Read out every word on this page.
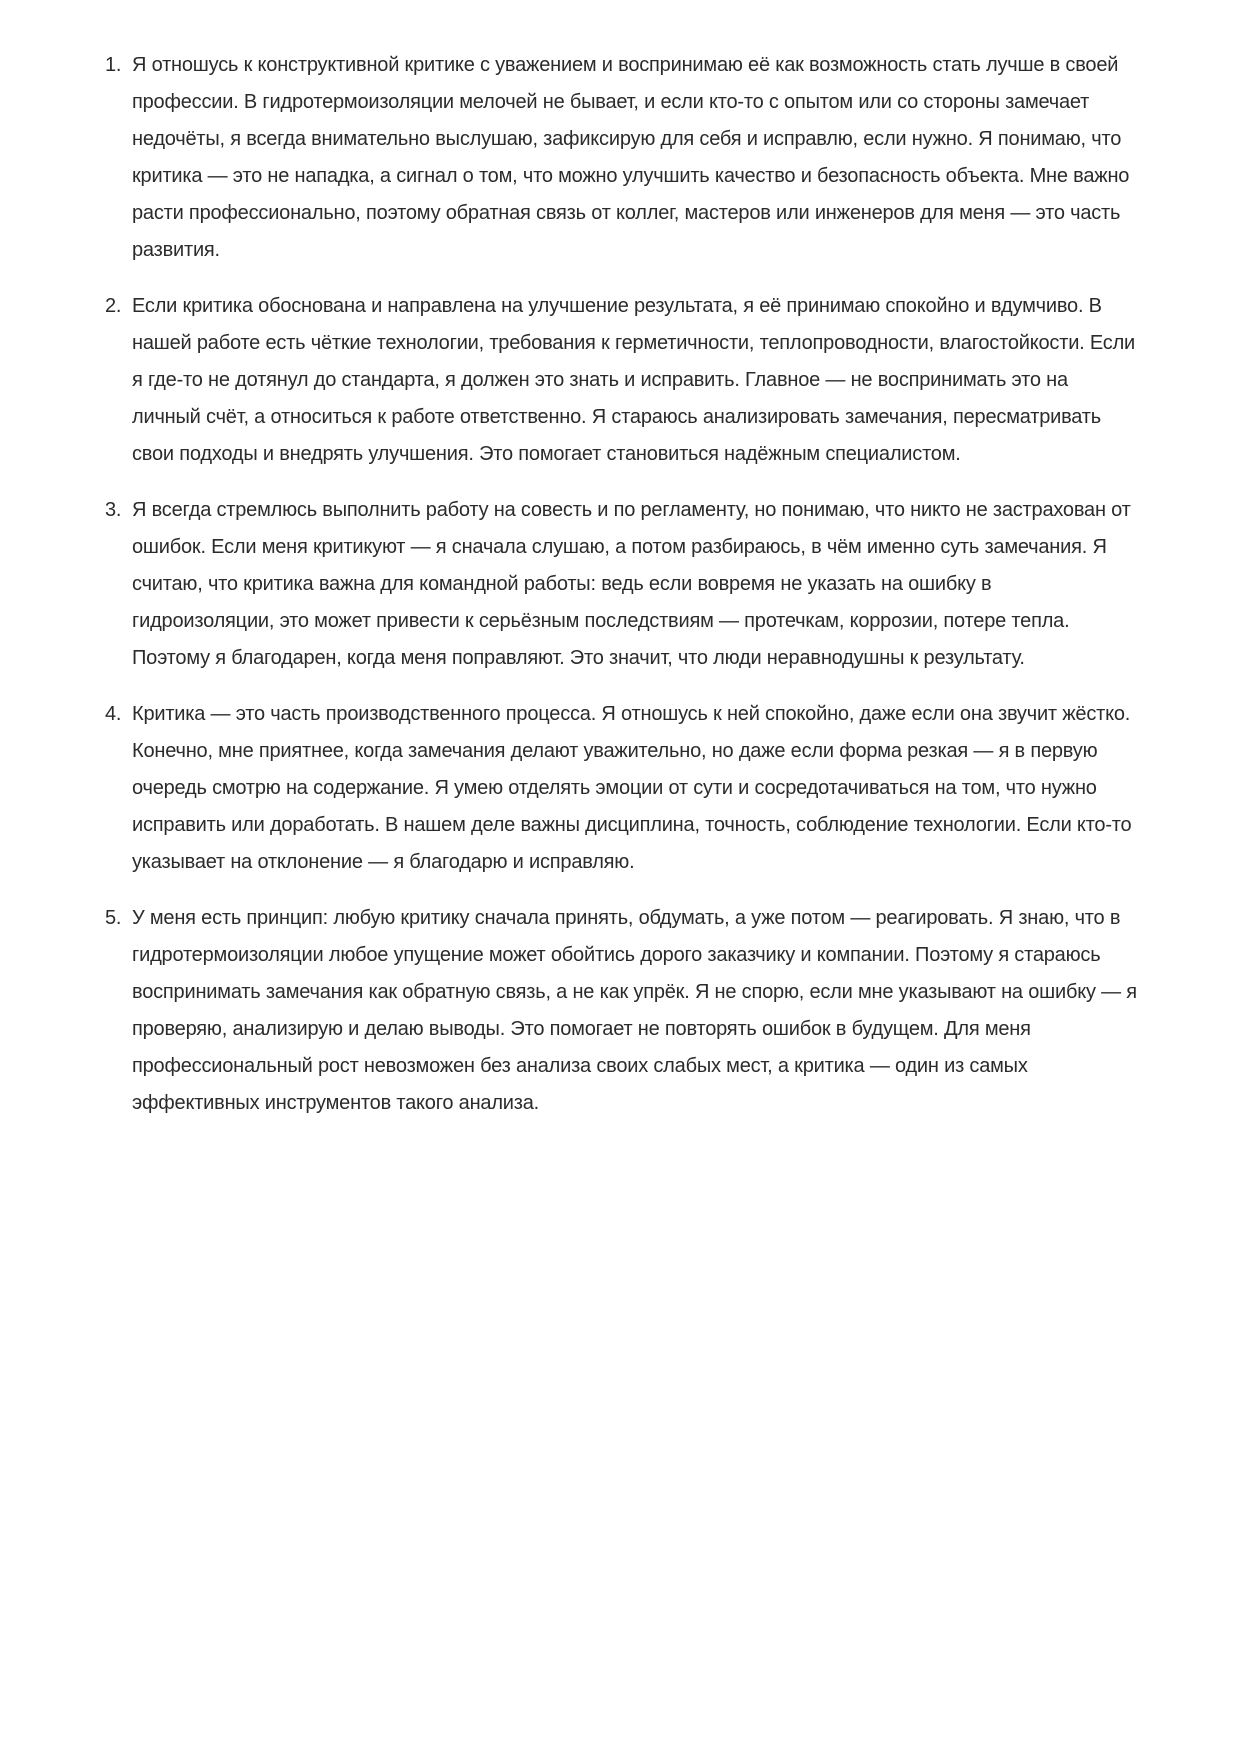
1. Я отношусь к конструктивной критике с уважением и воспринимаю её как возможность стать лучше в своей профессии. В гидротермоизоляции мелочей не бывает, и если кто-то с опытом или со стороны замечает недочёты, я всегда внимательно выслушаю, зафиксирую для себя и исправлю, если нужно. Я понимаю, что критика — это не нападка, а сигнал о том, что можно улучшить качество и безопасность объекта. Мне важно расти профессионально, поэтому обратная связь от коллег, мастеров или инженеров для меня — это часть развития.
2. Если критика обоснована и направлена на улучшение результата, я её принимаю спокойно и вдумчиво. В нашей работе есть чёткие технологии, требования к герметичности, теплопроводности, влагостойкости. Если я где-то не дотянул до стандарта, я должен это знать и исправить. Главное — не воспринимать это на личный счёт, а относиться к работе ответственно. Я стараюсь анализировать замечания, пересматривать свои подходы и внедрять улучшения. Это помогает становиться надёжным специалистом.
3. Я всегда стремлюсь выполнить работу на совесть и по регламенту, но понимаю, что никто не застрахован от ошибок. Если меня критикуют — я сначала слушаю, а потом разбираюсь, в чём именно суть замечания. Я считаю, что критика важна для командной работы: ведь если вовремя не указать на ошибку в гидроизоляции, это может привести к серьёзным последствиям — протечкам, коррозии, потере тепла. Поэтому я благодарен, когда меня поправляют. Это значит, что люди неравнодушны к результату.
4. Критика — это часть производственного процесса. Я отношусь к ней спокойно, даже если она звучит жёстко. Конечно, мне приятнее, когда замечания делают уважительно, но даже если форма резкая — я в первую очередь смотрю на содержание. Я умею отделять эмоции от сути и сосредотачиваться на том, что нужно исправить или доработать. В нашем деле важны дисциплина, точность, соблюдение технологии. Если кто-то указывает на отклонение — я благодарю и исправляю.
5. У меня есть принцип: любую критику сначала принять, обдумать, а уже потом — реагировать. Я знаю, что в гидротермоизоляции любое упущение может обойтись дорого заказчику и компании. Поэтому я стараюсь воспринимать замечания как обратную связь, а не как упрёк. Я не спорю, если мне указывают на ошибку — я проверяю, анализирую и делаю выводы. Это помогает не повторять ошибок в будущем. Для меня профессиональный рост невозможен без анализа своих слабых мест, а критика — один из самых эффективных инструментов такого анализа.
